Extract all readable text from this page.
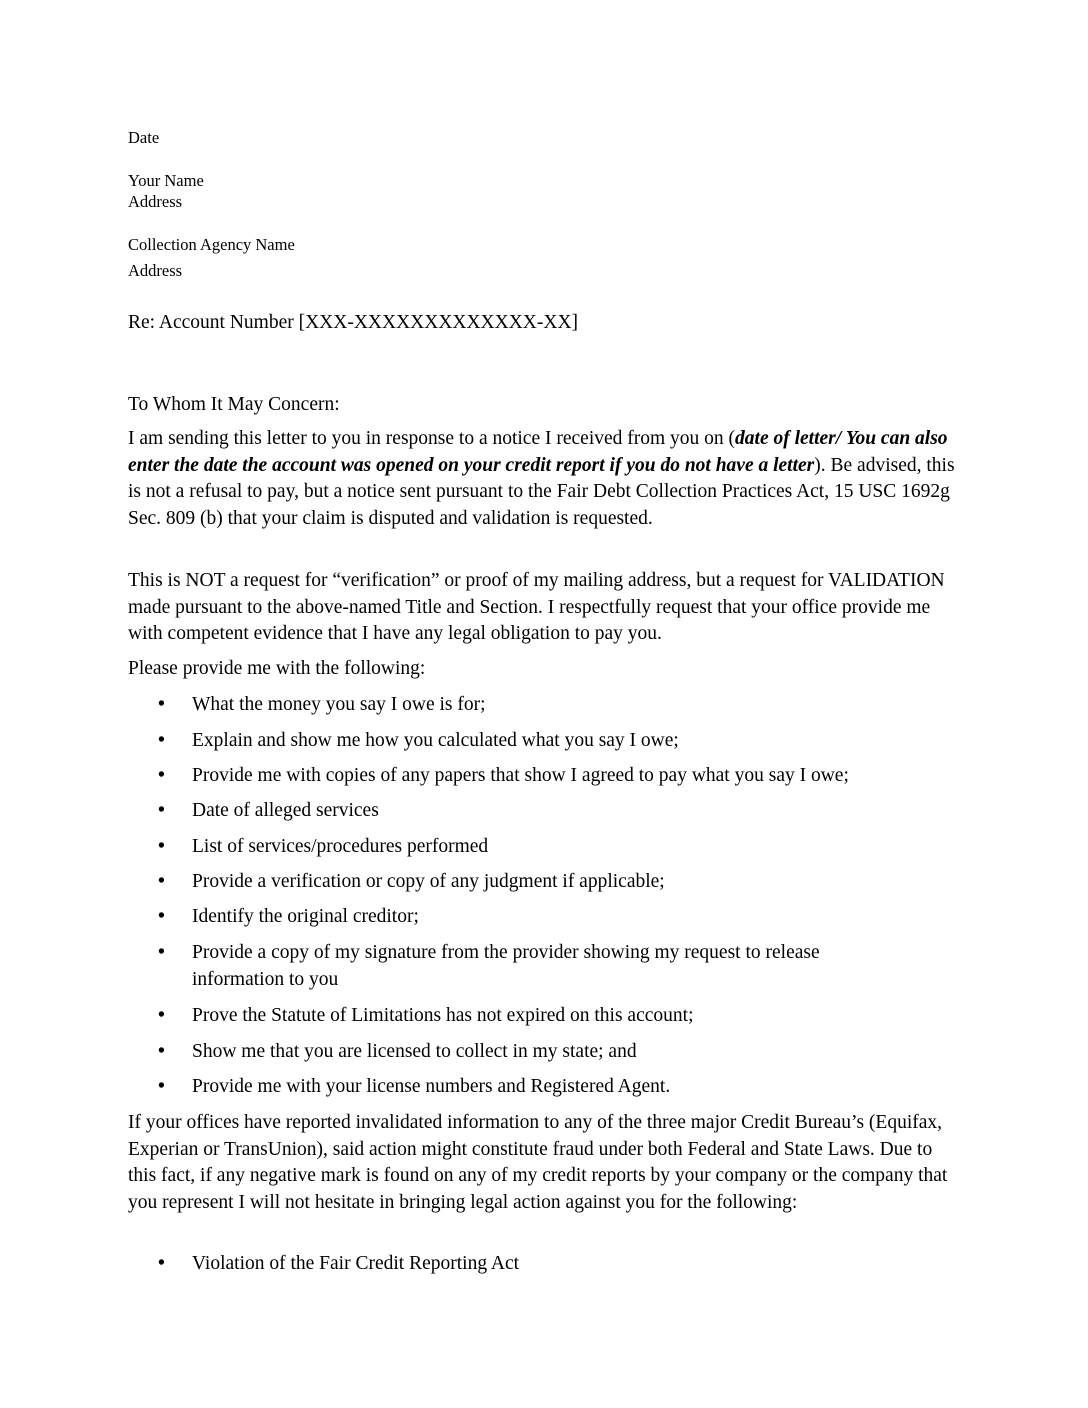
Date

Your Name

Address

Collection Agency Name

Address

Re: Account Number [XXX-XXXXXXXXXXXXX-XX]

To Whom It May Concern:

I am sending this letter to you in response to a notice I received from you on (date of letter/ You can also enter the date the account was opened on your credit report if you do not have a letter). Be advised, this is not a refusal to pay, but a notice sent pursuant to the Fair Debt Collection Practices Act, 15 USC 1692g Sec. 809 (b) that your claim is disputed and validation is requested.

This is NOT a request for “verification” or proof of my mailing address, but a request for VALIDATION made pursuant to the above-named Title and Section. I respectfully request that your office provide me with competent evidence that I have any legal obligation to pay you.

Please provide me with the following:

•	What the money you say I owe is for;
•	Explain and show me how you calculated what you say I owe;
•	Provide me with copies of any papers that show I agreed to pay what you say I owe;
•	Date of alleged services
•	List of services/procedures performed
•	Provide a verification or copy of any judgment if applicable;
•	Identify the original creditor;
•	Provide a copy of my signature from the provider showing my request to release information to you
•	Prove the Statute of Limitations has not expired on this account;
•	Show me that you are licensed to collect in my state; and
•	Provide me with your license numbers and Registered Agent.

If your offices have reported invalidated information to any of the three major Credit Bureau’s (Equifax, Experian or TransUnion), said action might constitute fraud under both Federal and State Laws. Due to this fact, if any negative mark is found on any of my credit reports by your company or the company that you represent I will not hesitate in bringing legal action against you for the following:

•	Violation of the Fair Credit Reporting Act
